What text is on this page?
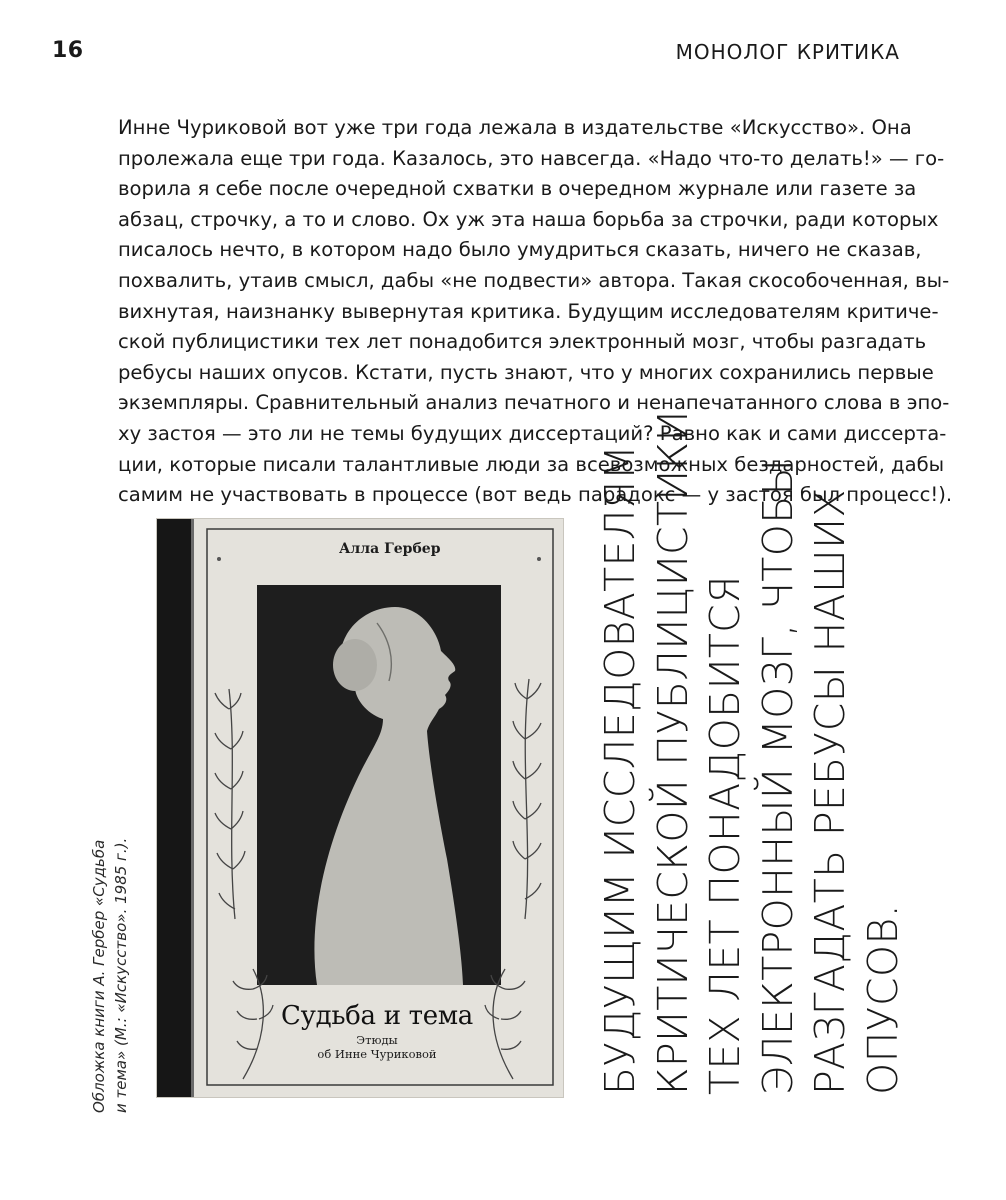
16	МОНОЛОГ КРИТИКА

Инне Чуриковой вот уже три года лежала в издательстве «Искусство». Она
пролежала еще три года. Казалось, это навсегда. «Надо что-то делать!» — го-
ворила я себе после очередной схватки в очередном журнале или газете за
абзац, строчку, а то и слово. Ох уж эта наша борьба за строчки, ради которых
писалось нечто, в котором надо было умудриться сказать, ничего не сказав,
похвалить, утаив смысл, дабы «не подвести» автора. Такая скособоченная, вы-
вихнутая, наизнанку вывернутая критика. Будущим исследователям критиче-
ской публицистики тех лет понадобится электронный мозг, чтобы разгадать
ребусы наших опусов. Кстати, пусть знают, что у многих сохранились первые
экземпляры. Сравнительный анализ печатного и ненапечатанного слова в эпо-
ху застоя — это ли не темы будущих диссертаций? Равно как и сами диссерта-
ции, которые писали талантливые люди за всевозможных бездарностей, дабы
самим не участвовать в процессе (вот ведь парадокс — у застоя был процесс!).

Обложка книги А. Гербер «Судьба и тема» (М.: «Искусство». 1985 г.).
Алла Гербер
Судьба и тема
Этюды
об Инне Чуриковой	БУДУЩИМ ИССЛЕДОВАТЕЛЯМ КРИТИЧЕСКОЙ ПУБЛИЦИСТИКИ ТЕХ ЛЕТ ПОНАДОБИТСЯ ЭЛЕКТРОННЫЙ МОЗГ, ЧТОБЫ РАЗГАДАТЬ РЕБУСЫ НАШИХ ОПУСОВ.
